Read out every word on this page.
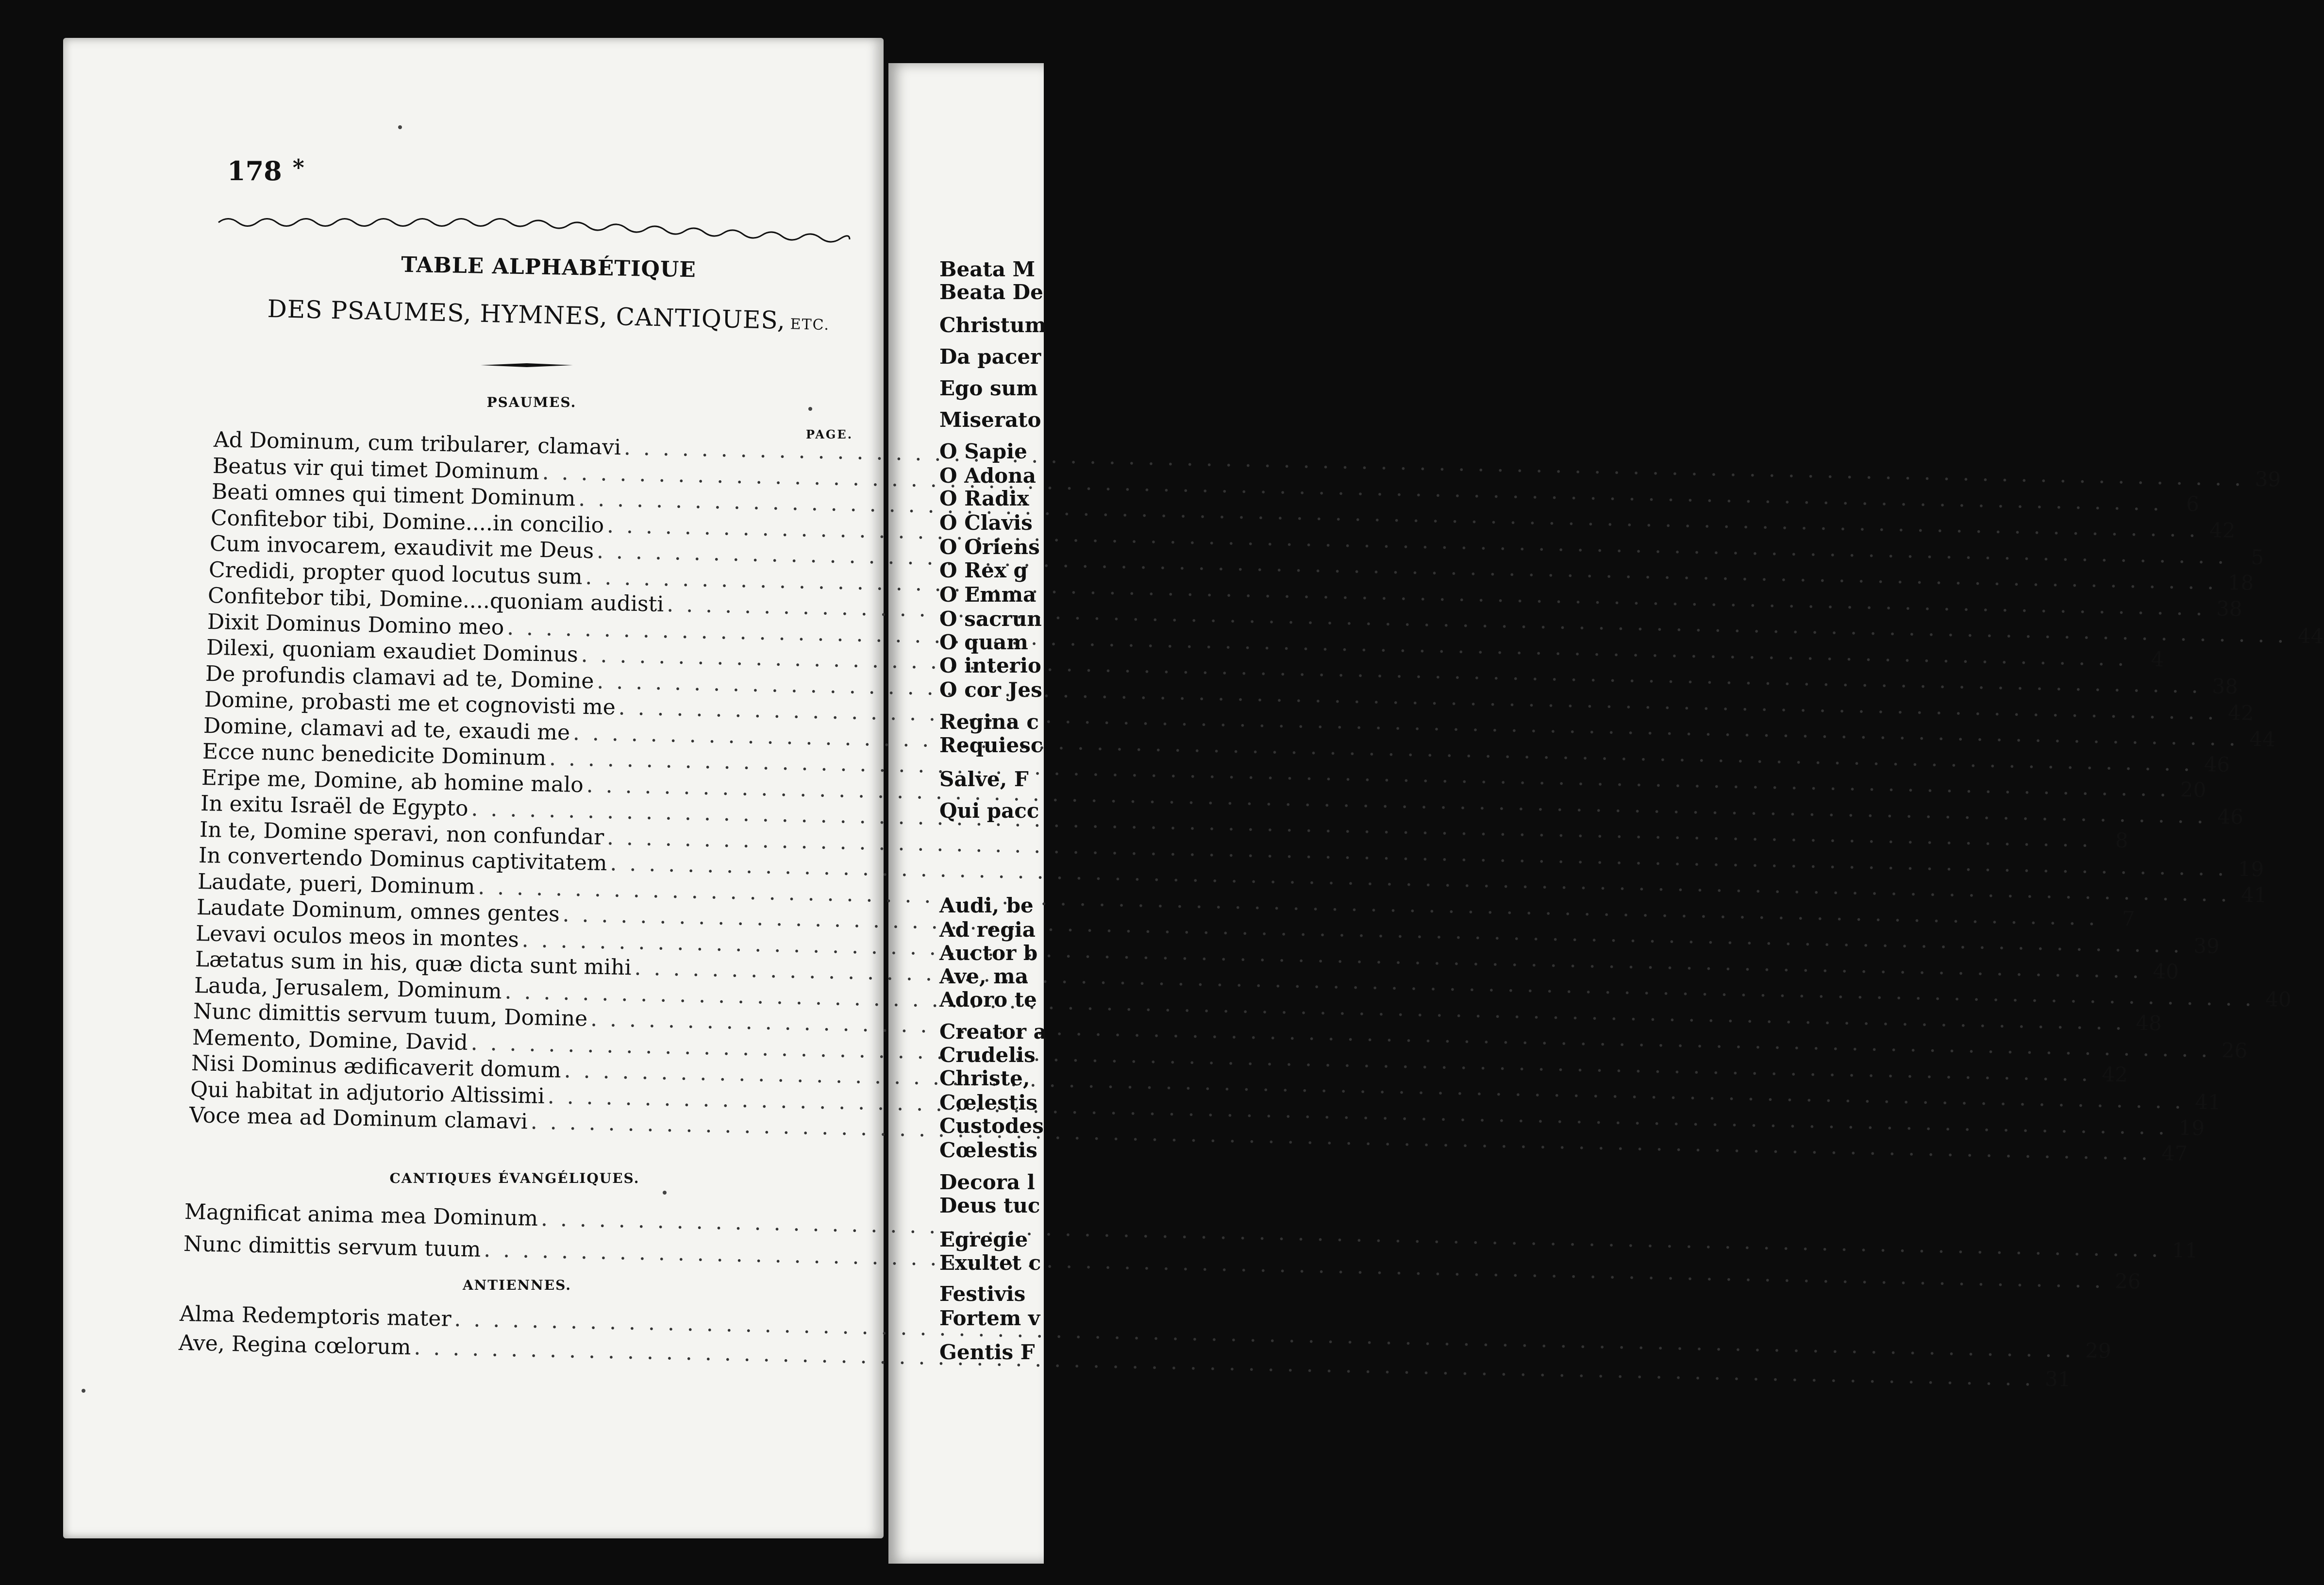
178 *
TABLE ALPHABÉTIQUE
DES PSAUMES, HYMNES, CANTIQUES, ETC.
PSAUMES.
PAGE.
CANTIQUES ÉVANGÉLIQUES.
ANTIENNES.
Ad Dominum, cum tribularer, clamavi
. . .
39
Beatus vir qui timet Dominum
. . .
6
Beati omnes qui timent Dominum
. . .
42
Confitebor tibi, Domine....in concilio
. . .
5
Cum invocarem, exaudivit me Deus
. . .
18
Credidi, propter quod locutus sum
. . .
38
Confitebor tibi, Domine....quoniam audisti
. . .
44
Dixit Dominus Domino meo
. . .
4
Dilexi, quoniam exaudiet Dominus
. . .
38
De profundis clamavi ad te, Domine
. . .
42
Domine, probasti me et cognovisti me
. . .
44
Domine, clamavi ad te, exaudi me
. . .
46
Ecce nunc benedicite Dominum
. . .
20
Eripe me, Domine, ab homine malo
. . .
46
In exitu Israël de Egypto
. . .
8
In te, Domine speravi, non confundar
. . .
19
In convertendo Dominus captivitatem
. . .
41
Laudate, pueri, Dominum
. . .
7
Laudate Dominum, omnes gentes
. . .
39
Levavi oculos meos in montes
. . .
40
Lætatus sum in his, quæ dicta sunt mihi
. . .
40
Lauda, Jerusalem, Dominum
. . .
48
Nunc dimittis servum tuum, Domine
. . .
26
Memento, Domine, David
. . .
42
Nisi Dominus ædificaverit domum
. . .
41
Qui habitat in adjutorio Altissimi
. . .
19
Voce mea ad Dominum clamavi
. . .
47
Magnificat anima mea Dominum
. . .
11
Nunc dimittis servum tuum
. . .
26
Alma Redemptoris mater
. . .
29
Ave, Regina cœlorum
. . .
31
Beata M
Beata De
Christum
Da pacer
Ego sum
Miserato
O Sapie
O Adona
O Radix
O Clavis
O Oriens
O Rex g
O Emma
O sacrun
O quam
O interio
O cor Jes
Regina c
Requiesc
Salve, F
Qui pacc
Audi, be
Ad regia
Auctor b
Ave, ma
Adoro te
Creator a
Crudelis
Christe,
Cœlestis
Custodes
Cœlestis
Decora l
Deus tuc
Egregie
Exultet c
Festivis
Fortem v
Gentis F
